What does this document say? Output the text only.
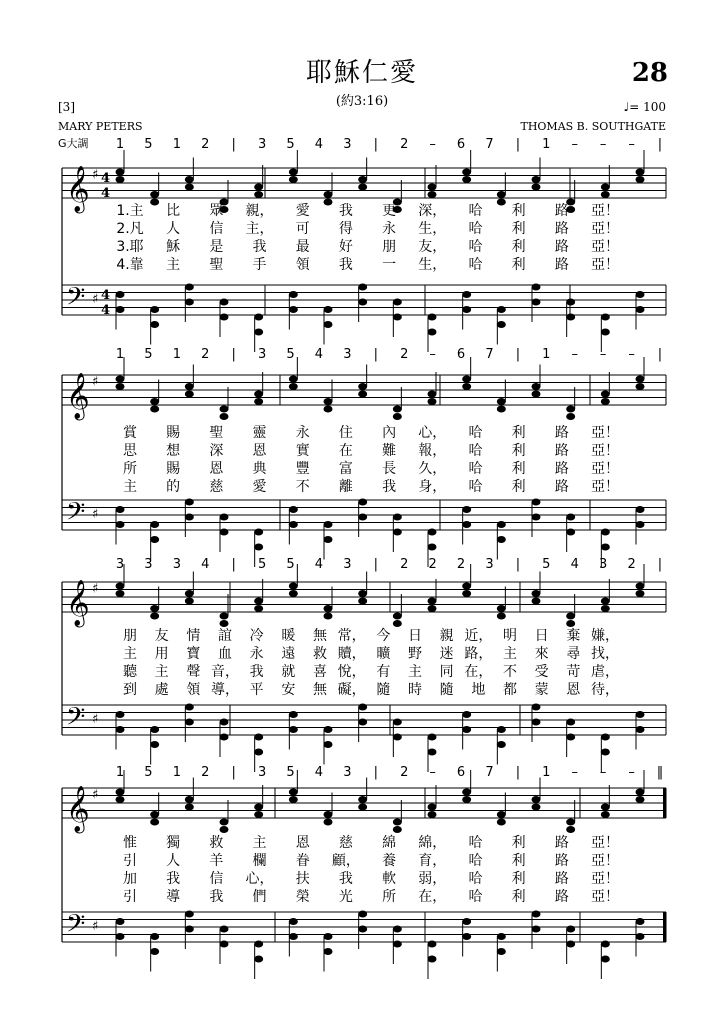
耶穌仁愛
(約3:16)
28
[3]	♩= 100
MARY PETERS	THOMAS B. SOUTHGATE
G大調
𝄞
𝄢
♯
♯
4
4
4
4
1 5 1 2 | 3 5 4 3 | 2 – 6 7 | 1 – – – |
1.主 比 眾 親， 愛 我 更 深， 哈 利 路 亞！
2.凡 人 信 主， 可 得 永 生， 哈 利 路 亞！
3.耶 穌 是 我 最 好 朋 友， 哈 利 路 亞！
4.靠 主 聖 手 領 我 一 生， 哈 利 路 亞！
𝄞
𝄢
♯
♯
1 5 1 2 | 3 5 4 3 | 2 – 6 7 | 1 – – – |
賞 賜 聖 靈 永 住 內 心， 哈 利 路 亞！
思 想 深 恩 實 在 難 報， 哈 利 路 亞！
所 賜 恩 典 豐 富 長 久， 哈 利 路 亞！
主 的 慈 愛 不 離 我 身， 哈 利 路 亞！
𝄞
𝄢
♯
♯
3 3 3 4 | 5 5 4 3 | 2 2 2 3 | 5 4 3 2 |
朋 友 情 誼 冷 暖 無 常， 今 日 親 近， 明 日 棄 嫌，
主 用 寶 血 永 遠 救 贖， 曠 野 迷 路， 主 來 尋 找，
聽 主 聲 音， 我 就 喜 悅， 有 主 同 在， 不 受 苛 虐，
到 處 領 導， 平 安 無 礙， 隨 時 隨 地 都 蒙 恩 待，
𝄞
𝄢
♯
♯
1 5 1 2 | 3 5 4 3 | 2 – 6 7 | 1 – – – ‖
惟 獨 救 主 恩 慈 綿 綿， 哈 利 路 亞！
引 人 羊 欄 眷 顧， 養 育， 哈 利 路 亞！
加 我 信 心， 扶 我 軟 弱， 哈 利 路 亞！
引 導 我 們 榮 光 所 在， 哈 利 路 亞！
